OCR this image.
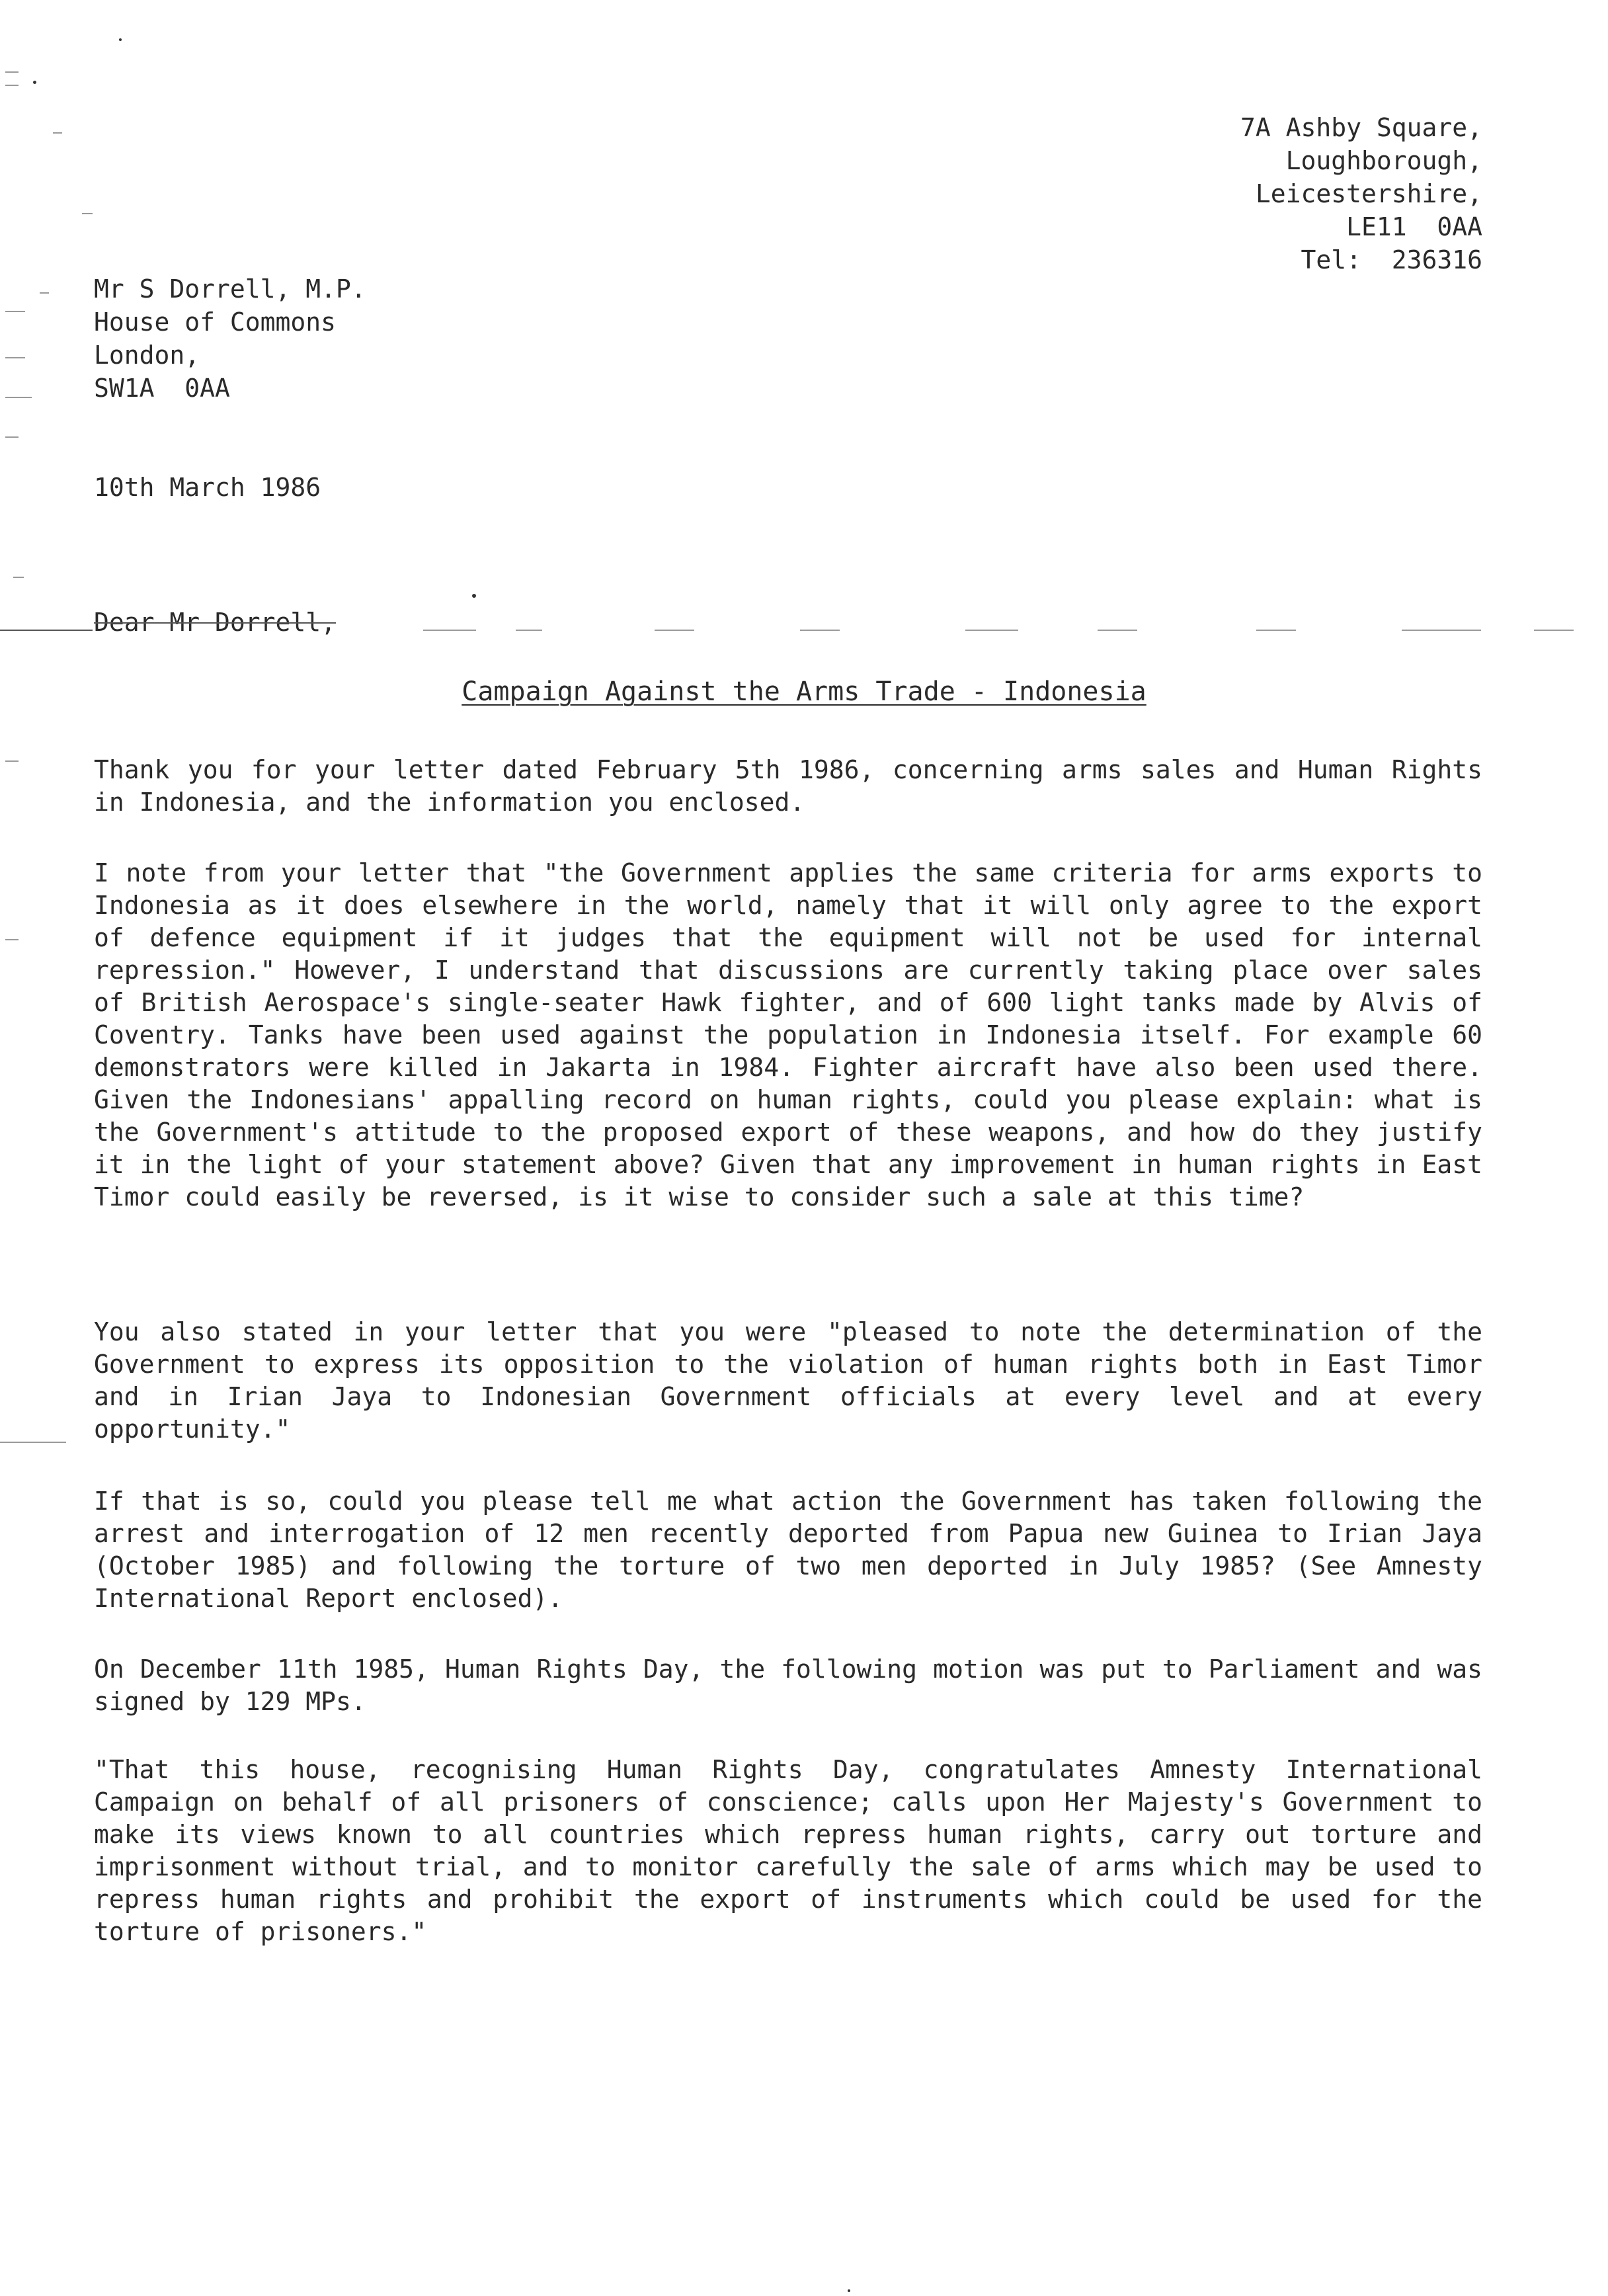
7A Ashby Square,
Loughborough,
Leicestershire,
LE11  0AA
Tel:  236316
Mr S Dorrell, M.P.
House of Commons
London,
SW1A  0AA
10th March 1986
Dear Mr Dorrell,
Campaign Against the Arms Trade - Indonesia

Thank you for your letter dated February 5th 1986, concerning arms sales and Human Rights in Indonesia, and the information you enclosed.

I note from your letter that "the Government applies the same criteria for arms exports to Indonesia as it does elsewhere in the world, namely that it will only agree to the export of defence equipment if it judges that the equipment will not be used for internal repression." However, I understand that discussions are currently taking place over sales of British Aerospace's single-seater Hawk fighter, and of 600 light tanks made by Alvis of Coventry. Tanks have been used against the population in Indonesia itself. For example 60 demonstrators were killed in Jakarta in 1984. Fighter aircraft have also been used there. Given the Indonesians' appalling record on human rights, could you please explain: what is the Government's attitude to the proposed export of these weapons, and how do they justify it in the light of your statement above? Given that any improvement in human rights in East Timor could easily be reversed, is it wise to consider such a sale at this time?

You also stated in your letter that you were "pleased to note the determination of the Government to express its opposition to the violation of human rights both in East Timor and in Irian Jaya to Indonesian Government officials at every level and at every opportunity."

If that is so, could you please tell me what action the Government has taken following the arrest and interrogation of 12 men recently deported from Papua new Guinea to Irian Jaya (October 1985) and following the torture of two men deported in July 1985? (See Amnesty International Report enclosed).

On December 11th 1985, Human Rights Day, the following motion was put to Parliament and was signed by 129 MPs.

"That this house, recognising Human Rights Day, congratulates Amnesty International Campaign on behalf of all prisoners of conscience; calls upon Her Majesty's Government to make its views known to all countries which repress human rights, carry out torture and imprisonment without trial, and to monitor carefully the sale of arms which may be used to repress human rights and prohibit the export of instruments which could be used for the torture of prisoners."
